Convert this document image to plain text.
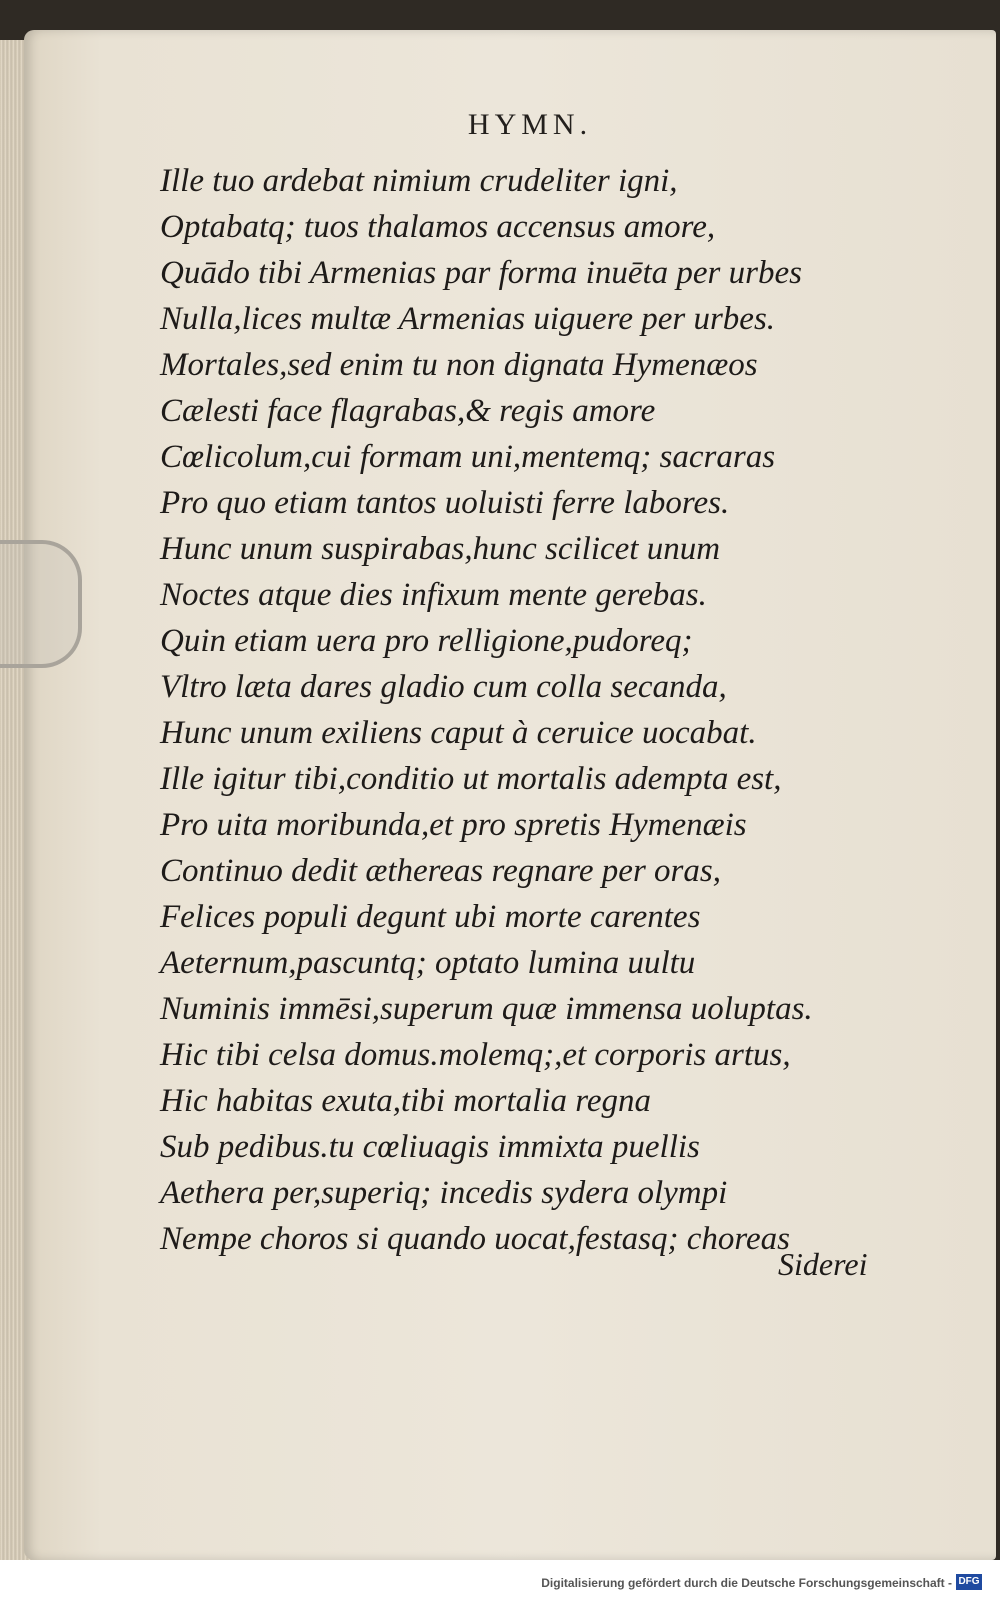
HYMN.
Ille tuo ardebat nimium crudeliter igni,
Optabatq; tuos thalamos accensus amore,
Quādo tibi Armenias par forma inuēta per urbes
Nulla,lices multæ Armenias uiguere per urbes.
Mortales,sed enim tu non dignata Hymenæos
Cælesti face flagrabas,& regis amore
Cœlicolum,cui formam uni,mentemq; sacraras
Pro quo etiam tantos uoluisti ferre labores.
Hunc unum suspirabas,hunc scilicet unum
Noctes atque dies infixum mente gerebas.
Quin etiam uera pro relligione,pudoreq;
Vltro læta dares gladio cum colla secanda,
Hunc unum exiliens caput à ceruice uocabat.
Ille igitur tibi,conditio ut mortalis adempta est,
Pro uita moribunda,et pro spretis Hymenæis
Continuo dedit æthereas regnare per oras,
Felices populi degunt ubi morte carentes
Aeternum,pascuntq; optato lumina uultu
Numinis immēsi,superum quæ immensa uoluptas.
Hic tibi celsa domus.molemq;,et corporis artus,
Hic habitas exuta,tibi mortalia regna
Sub pedibus.tu cœliuagis immixta puellis
Aethera per,superiq; incedis sydera olympi
Nempe choros si quando uocat,festasq; choreas
Siderei
Digitalisierung gefördert durch die Deutsche Forschungsgemeinschaft - DFG
